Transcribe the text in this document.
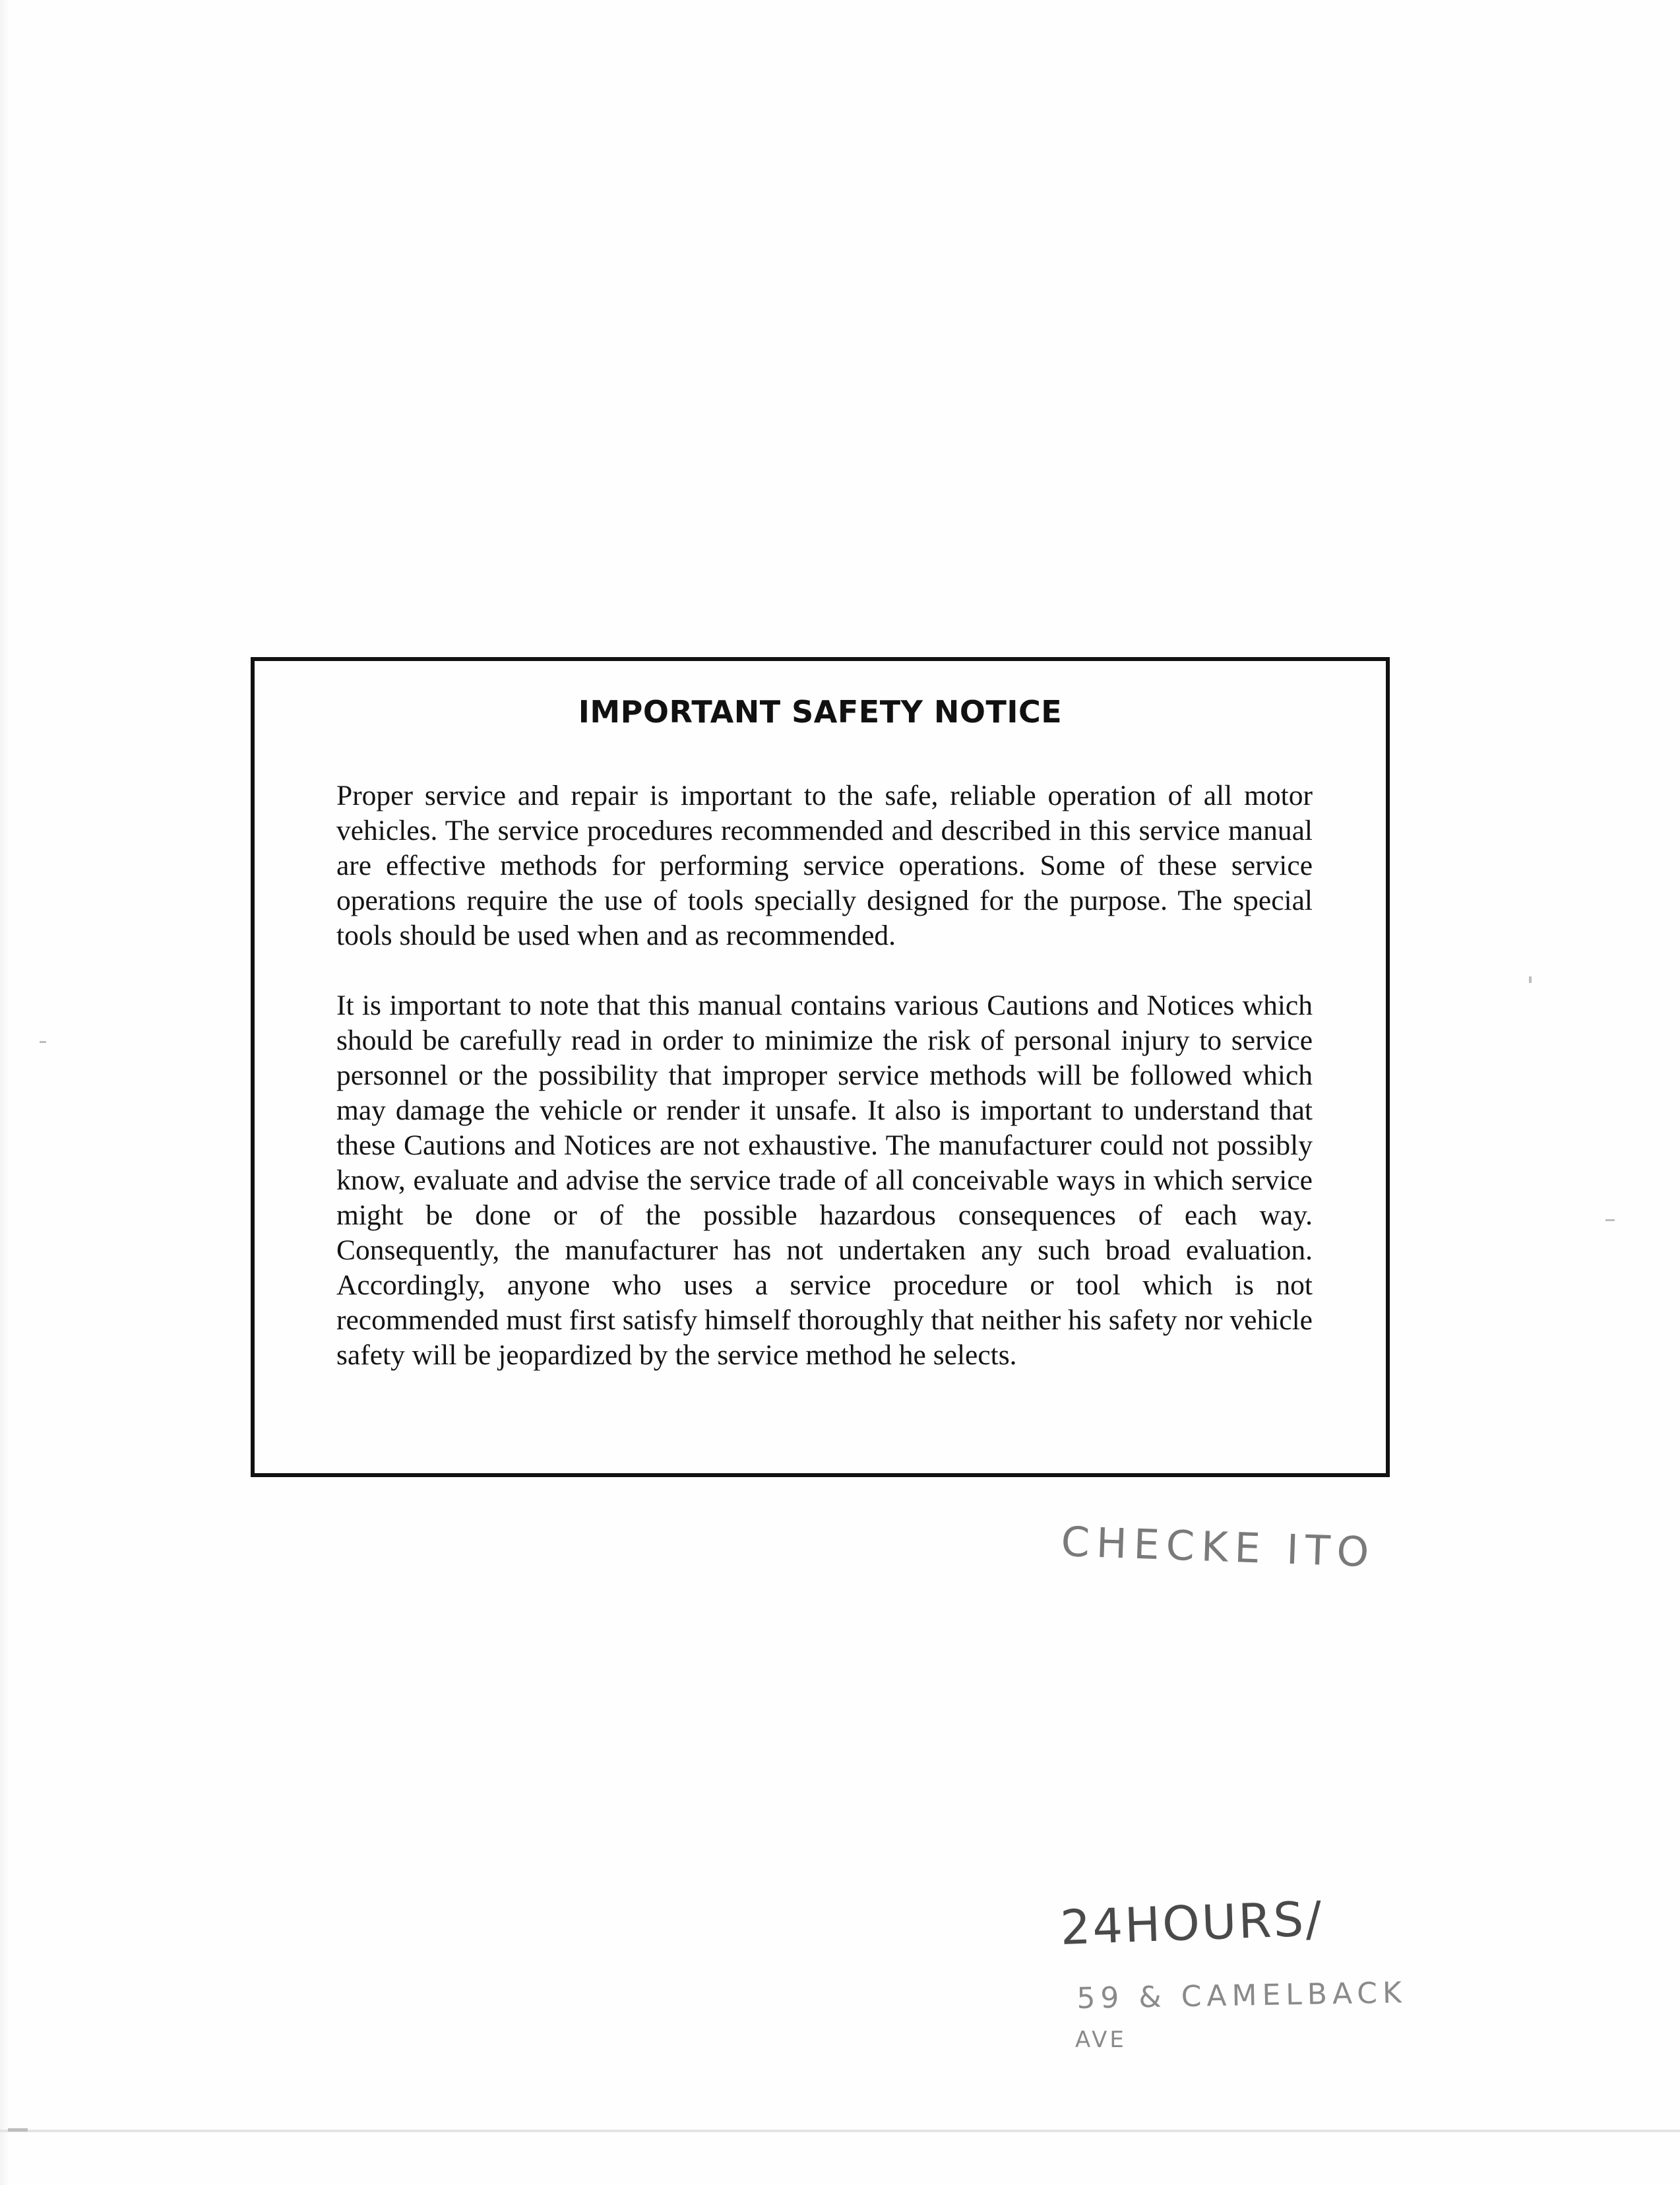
IMPORTANT SAFETY NOTICE

Proper service and repair is important to the safe, reliable operation of all motor vehicles. The service procedures recommended and described in this service manual are effective methods for performing service operations. Some of these service operations require the use of tools specially designed for the purpose. The special tools should be used when and as recommended.

It is important to note that this manual contains various Cautions and Notices which should be carefully read in order to minimize the risk of personal injury to service personnel or the possibility that improper service methods will be followed which may damage the vehicle or render it unsafe. It also is important to understand that these Cautions and Notices are not exhaustive. The manufacturer could not possibly know, evaluate and advise the service trade of all conceivable ways in which service might be done or of the possible hazardous consequences of each way. Consequently, the manufacturer has not undertaken any such broad evaluation. Accordingly, anyone who uses a service procedure or tool which is not recommended must first satisfy himself thoroughly that neither his safety nor vehicle safety will be jeopardized by the service method he selects.

CHECKE ITO
24HOURS/
59 & CAMELBACK
AVE
